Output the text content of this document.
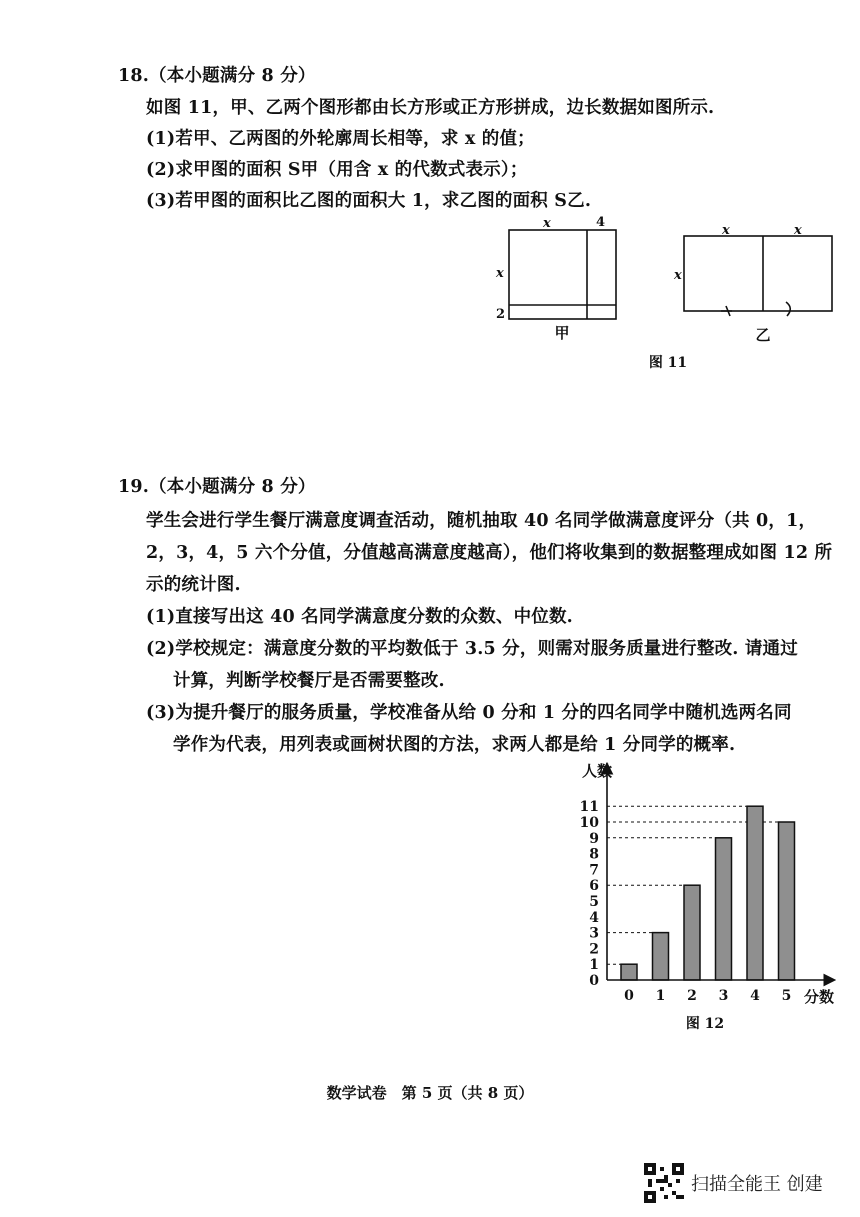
18.（本小题满分 8 分）
如图 11，甲、乙两个图形都由长方形或正方形拼成，边长数据如图所示.
(1)若甲、乙两图的外轮廓周长相等，求 x 的值；
(2)求甲图的面积 S甲（用含 x 的代数式表示）；
(3)若甲图的面积比乙图的面积大 1，求乙图的面积 S乙.
x	4
x
2
甲
x	x
x
乙
图 11
19.（本小题满分 8 分）
学生会进行学生餐厅满意度调查活动，随机抽取 40 名同学做满意度评分（共 0，1，
2，3，4，5 六个分值，分值越高满意度越高），他们将收集到的数据整理成如图 12 所
示的统计图.
(1)直接写出这 40 名同学满意度分数的众数、中位数.
(2)学校规定：满意度分数的平均数低于 3.5 分，则需对服务质量进行整改. 请通过
计算，判断学校餐厅是否需要整改.
(3)为提升餐厅的服务质量，学校准备从给 0 分和 1 分的四名同学中随机选两名同
学作为代表，用列表或画树状图的方法，求两人都是给 1 分同学的概率.
0
1
2
3
4
5
6
7
8
9
10
11
0 1 2 3 4 5
人数
分数
图 12
数学试卷　第 5 页（共 8 页）
扫描全能王 创建
